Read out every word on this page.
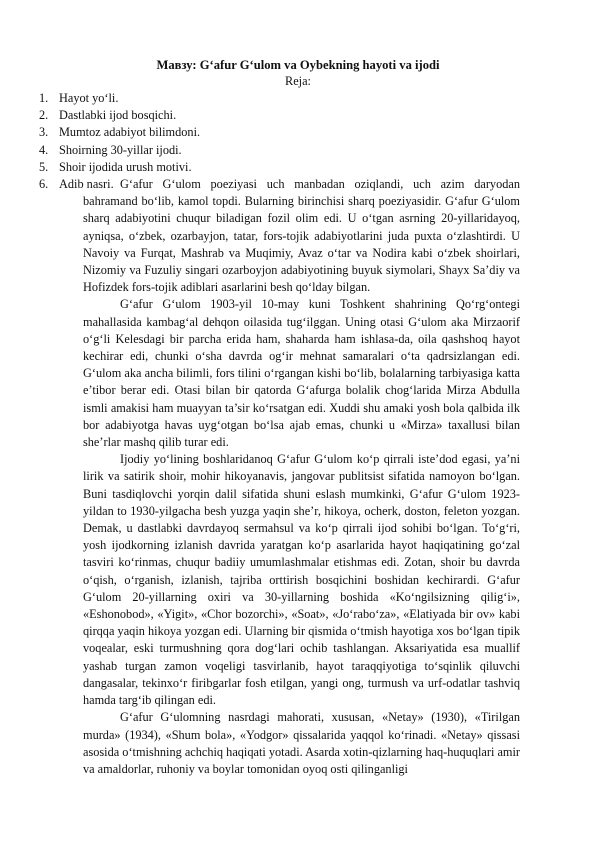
Мавзу: G‘afur G‘ulom va Oybekning hayoti va ijodi
Reja:
1. Hayot yo‘li.
2. Dastlabki ijod bosqichi.
3. Mumtoz adabiyot bilimdoni.
4. Shoirning 30-yillar ijodi.
5. Shoir ijodida urush motivi.
6. Adib nasri. G‘afur G‘ulom poeziyasi uch manbadan oziqlandi, uch azim daryodan bahramand bo‘lib, kamol topdi. Bularning birinchisi sharq poeziyasidir. G‘afur G‘ulom sharq adabiyotini chuqur biladigan fozil olim edi. U o‘tgan asrning 20-yillaridayoq, ayniqsa, o‘zbek, ozarbayjon, tatar, fors-tojik adabiyotlarini juda puxta o‘zlashtirdi. U Navoiy va Furqat, Mashrab va Muqimiy, Avaz o‘tar va Nodira kabi o‘zbek shoirlari, Nizomiy va Fuzuliy singari ozarboyjon adabiyotining buyuk siymolari, Shayx Sa’diy va Hofizdek fors-tojik adiblari asarlarini besh qo‘lday bilgan.

G‘afur G‘ulom 1903-yil 10-may kuni Toshkent shahrining Qo‘rg‘ontegi mahallasida kambag‘al dehqon oilasida tug‘ilggan. Uning otasi G‘ulom aka Mirzaorif o‘g‘li Kelesdagi bir parcha erida ham, shaharda ham ishlasa-da, oila qashshoq hayot kechirar edi, chunki o‘sha davrda og‘ir mehnat samaralari o‘ta qadrsizlangan edi. G‘ulom aka ancha bilimli, fors tilini o‘rgangan kishi bo‘lib, bolalarning tarbiyasiga katta e’tibor berar edi. Otasi bilan bir qatorda G‘afurga bolalik chog‘larida Mirza Abdulla ismli amakisi ham muayyan ta’sir ko‘rsatgan edi. Xuddi shu amaki yosh bola qalbida ilk bor adabiyotga havas uyg‘otgan bo‘lsa ajab emas, chunki u «Mirza» taxallusi bilan she’rlar mashq qilib turar edi.

Ijodiy yo‘lining boshlaridanoq G‘afur G‘ulom ko‘p qirrali iste’dod egasi, ya’ni lirik va satirik shoir, mohir hikoyanavis, jangovar publitsist sifatida namoyon bo‘lgan. Buni tasdiqlovchi yorqin dalil sifatida shuni eslash mumkinki, G‘afur G‘ulom 1923-yildan to 1930-yilgacha besh yuzga yaqin she’r, hikoya, ocherk, doston, feleton yozgan. Demak, u dastlabki davrdayoq sermahsul va ko‘p qirrali ijod sohibi bo‘lgan. To‘g‘ri, yosh ijodkorning izlanish davrida yaratgan ko‘p asarlarida hayot haqiqatining go‘zal tasviri ko‘rinmas, chuqur badiiy umumlashmalar etishmas edi. Zotan, shoir bu davrda o‘qish, o‘rganish, izlanish, tajriba orttirish bosqichini boshidan kechirardi. G‘afur G‘ulom 20-yillarning oxiri va 30-yillarning boshida «Ko‘ngilsizning qilig‘i», «Eshonobod», «Yigit», «Chor bozorchi», «Soat», «Jo‘rabo‘za», «Elatiyada bir ov» kabi qirqqa yaqin hikoya yozgan edi. Ularning bir qismida o‘tmish hayotiga xos bo‘lgan tipik voqealar, eski turmushning qora dog‘lari ochib tashlangan. Aksariyatida esa muallif yashab turgan zamon voqeligi tasvirlanib, hayot taraqqiyotiga to‘sqinlik qiluvchi dangasalar, tekinxo‘r firibgarlar fosh etilgan, yangi ong, turmush va urf-odatlar tashviq hamda targ‘ib qilingan edi.

G‘afur G‘ulomning nasrdagi mahorati, xususan, «Netay» (1930), «Tirilgan murda» (1934), «Shum bola», «Yodgor» qissalarida yaqqol ko‘rinadi. «Netay» qissasi asosida o‘tmishning achchiq haqiqati yotadi. Asarda xotin-qizlarning haq-huquqlari amir va amaldorlar, ruhoniy va boylar tomonidan oyoq osti qilinganligi
